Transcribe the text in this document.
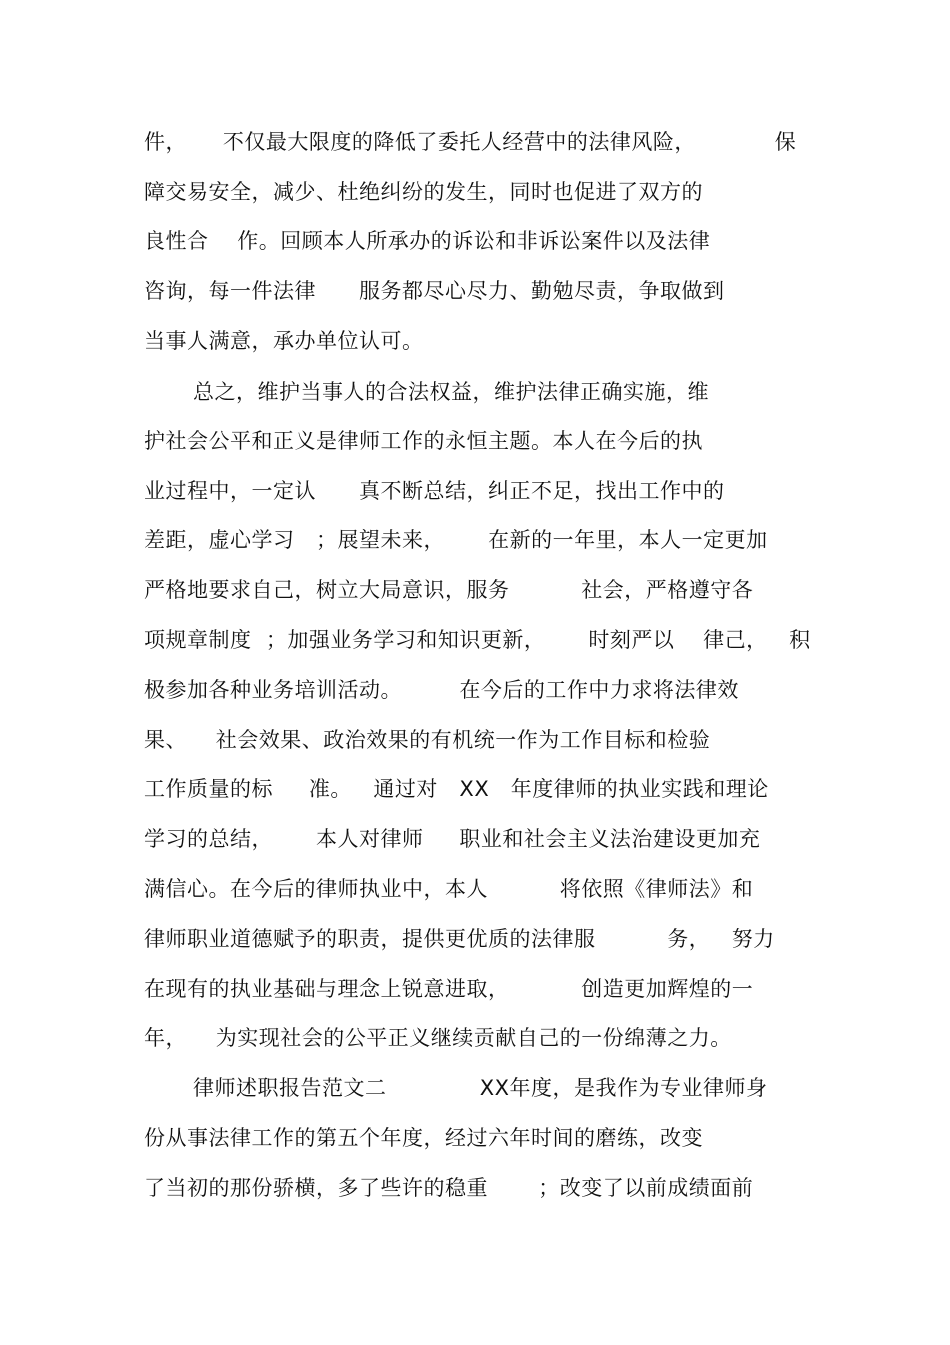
件，     不仅最大限度的降低了委托人经营中的法律风险，           保
障交易安全，减少、杜绝纠纷的发生，同时也促进了双方的
良性合    作。回顾本人所承办的诉讼和非诉讼案件以及法律
咨询，每一件法律      服务都尽心尽力、勤勉尽责，争取做到
当事人满意，承办单位认可。
总之，维护当事人的合法权益，维护法律正确实施，维
护社会公平和正义是律师工作的永恒主题。本人在今后的执
业过程中，一定认      真不断总结，纠正不足，找出工作中的
差距，虚心学习   ；展望未来，      在新的一年里，本人一定更加
严格地要求自己，树立大局意识，服务          社会，严格遵守各
项规章制度  ；加强业务学习和知识更新，      时刻严以    律己，   积
极参加各种业务培训活动。        在今后的工作中力求将法律效
果、    社会效果、政治效果的有机统一作为工作目标和检验
工作质量的标     准。   通过对   XX   年度律师的执业实践和理论
学习的总结，      本人对律师     职业和社会主义法治建设更加充
满信心。在今后的律师执业中，本人          将依照《律师法》和
律师职业道德赋予的职责，提供更优质的法律服          务，   努力
在现有的执业基础与理念上锐意进取，          创造更加辉煌的一
年，    为实现社会的公平正义继续贡献自己的一份绵薄之力。
律师述职报告范文二             XX年度，是我作为专业律师身
份从事法律工作的第五个年度，经过六年时间的磨练，改变
了当初的那份骄横，多了些许的稳重       ；改变了以前成绩面前
